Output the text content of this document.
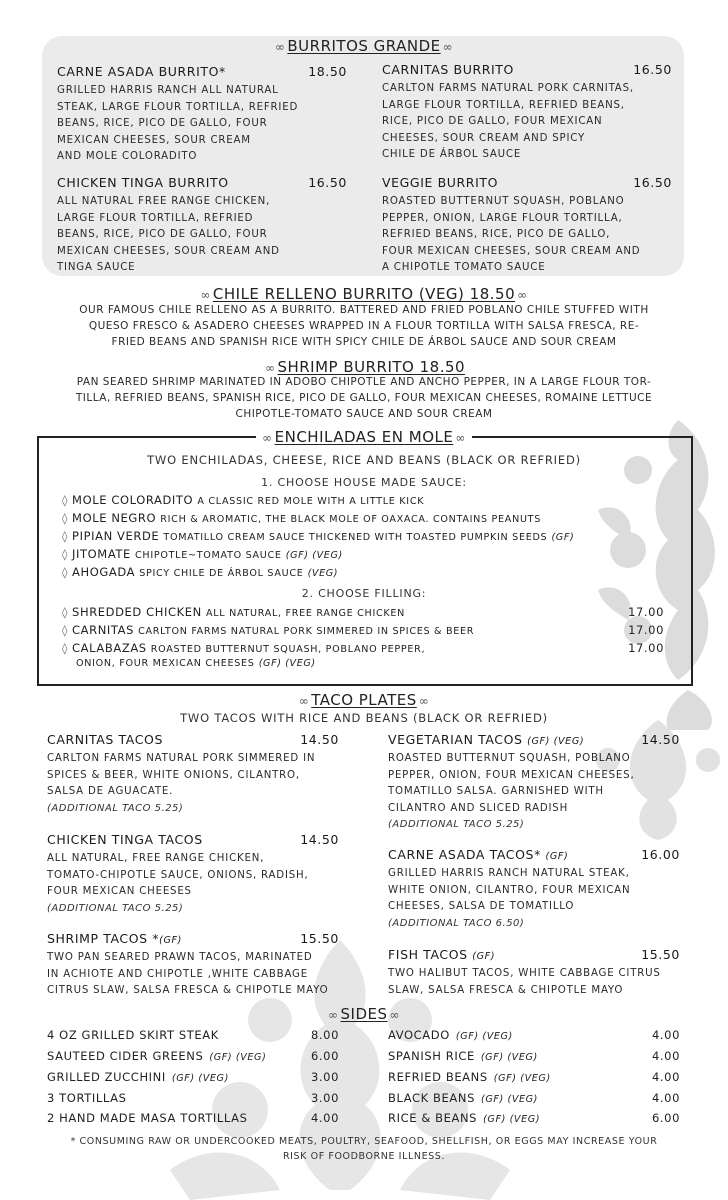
∞ BURRITOS GRANDE ∞
CARNE ASADA BURRITO*	18.50
GRILLED HARRIS RANCH ALL NATURAL
STEAK, LARGE FLOUR TORTILLA, REFRIED
BEANS, RICE, PICO DE GALLO, FOUR
MEXICAN CHEESES, SOUR CREAM
AND MOLE COLORADITO
CARNITAS BURRITO	16.50
CARLTON FARMS NATURAL PORK CARNITAS,
LARGE FLOUR TORTILLA, REFRIED BEANS,
RICE, PICO DE GALLO, FOUR MEXICAN
CHEESES, SOUR CREAM AND SPICY
CHILE DE ÁRBOL SAUCE
CHICKEN TINGA BURRITO	16.50
ALL NATURAL FREE RANGE CHICKEN,
LARGE FLOUR TORTILLA, REFRIED
BEANS, RICE, PICO DE GALLO, FOUR
MEXICAN CHEESES, SOUR CREAM AND
TINGA SAUCE
VEGGIE BURRITO	16.50
ROASTED BUTTERNUT SQUASH, POBLANO
PEPPER, ONION, LARGE FLOUR TORTILLA,
REFRIED BEANS, RICE, PICO DE GALLO,
FOUR MEXICAN CHEESES, SOUR CREAM AND
A CHIPOTLE TOMATO SAUCE
∞ CHILE RELLENO BURRITO (VEG) 18.50 ∞
OUR FAMOUS CHILE RELLENO AS A BURRITO. BATTERED AND FRIED POBLANO CHILE STUFFED WITH
QUESO FRESCO & ASADERO CHEESES WRAPPED IN A FLOUR TORTILLA WITH SALSA FRESCA, RE-
FRIED BEANS AND SPANISH RICE WITH SPICY CHILE DE ÁRBOL SAUCE AND SOUR CREAM
∞ SHRIMP BURRITO 18.50
PAN SEARED SHRIMP MARINATED IN ADOBO CHIPOTLE AND ANCHO PEPPER, IN A LARGE FLOUR TOR-
TILLA, REFRIED BEANS, SPANISH RICE, PICO DE GALLO, FOUR MEXICAN CHEESES, ROMAINE LETTUCE
CHIPOTLE-TOMATO SAUCE AND SOUR CREAM
∞ ENCHILADAS EN MOLE ∞
TWO ENCHILADAS, CHEESE, RICE AND BEANS (BLACK OR REFRIED)
1. CHOOSE HOUSE MADE SAUCE:
◊ MOLE COLORADITO A CLASSIC RED MOLE WITH A LITTLE KICK
◊ MOLE NEGRO RICH & AROMATIC, THE BLACK MOLE OF OAXACA. CONTAINS PEANUTS
◊ PIPIAN VERDE TOMATILLO CREAM SAUCE THICKENED WITH TOASTED PUMPKIN SEEDS (GF)
◊ JITOMATE CHIPOTLE~TOMATO SAUCE (GF) (VEG)
◊ AHOGADA SPICY CHILE DE ÁRBOL SAUCE (VEG)
2. CHOOSE FILLING:
◊ SHREDDED CHICKEN ALL NATURAL, FREE RANGE CHICKEN	17.00
◊ CARNITAS CARLTON FARMS NATURAL PORK SIMMERED IN SPICES & BEER	17.00
◊ CALABAZAS ROASTED BUTTERNUT SQUASH, POBLANO PEPPER,	17.00
ONION, FOUR MEXICAN CHEESES (GF) (VEG)
∞ TACO PLATES ∞
TWO TACOS WITH RICE AND BEANS (BLACK OR REFRIED)
CARNITAS TACOS	14.50
CARLTON FARMS NATURAL PORK SIMMERED IN
SPICES & BEER, WHITE ONIONS, CILANTRO,
SALSA DE AGUACATE.
(ADDITIONAL TACO 5.25)
VEGETARIAN TACOS (GF) (VEG)	14.50
ROASTED BUTTERNUT SQUASH, POBLANO
PEPPER, ONION, FOUR MEXICAN CHEESES,
TOMATILLO SALSA. GARNISHED WITH
CILANTRO AND SLICED RADISH
(ADDITIONAL TACO 5.25)
CHICKEN TINGA TACOS	14.50
ALL NATURAL, FREE RANGE CHICKEN,
TOMATO-CHIPOTLE SAUCE, ONIONS, RADISH,
FOUR MEXICAN CHEESES
(ADDITIONAL TACO 5.25)
CARNE ASADA TACOS* (GF)	16.00
GRILLED HARRIS RANCH NATURAL STEAK,
WHITE ONION, CILANTRO, FOUR MEXICAN
CHEESES, SALSA DE TOMATILLO
(ADDITIONAL TACO 6.50)
SHRIMP TACOS *(GF)	15.50
TWO PAN SEARED PRAWN TACOS, MARINATED
IN ACHIOTE AND CHIPOTLE ,WHITE CABBAGE
CITRUS SLAW, SALSA FRESCA & CHIPOTLE MAYO
FISH TACOS (GF)	15.50
TWO HALIBUT TACOS, WHITE CABBAGE CITRUS
SLAW, SALSA FRESCA & CHIPOTLE MAYO
∞ SIDES ∞
4 OZ GRILLED SKIRT STEAK	8.00
SAUTEED CIDER GREENS (GF) (VEG)	6.00
GRILLED ZUCCHINI (GF) (VEG)	3.00
3 TORTILLAS	3.00
2 HAND MADE MASA TORTILLAS	4.00
AVOCADO (GF) (VEG)	4.00
SPANISH RICE (GF) (VEG)	4.00
REFRIED BEANS (GF) (VEG)	4.00
BLACK BEANS (GF) (VEG)	4.00
RICE & BEANS (GF) (VEG)	6.00
* CONSUMING RAW OR UNDERCOOKED MEATS, POULTRY, SEAFOOD, SHELLFISH, OR EGGS MAY INCREASE YOUR
RISK OF FOODBORNE ILLNESS.
